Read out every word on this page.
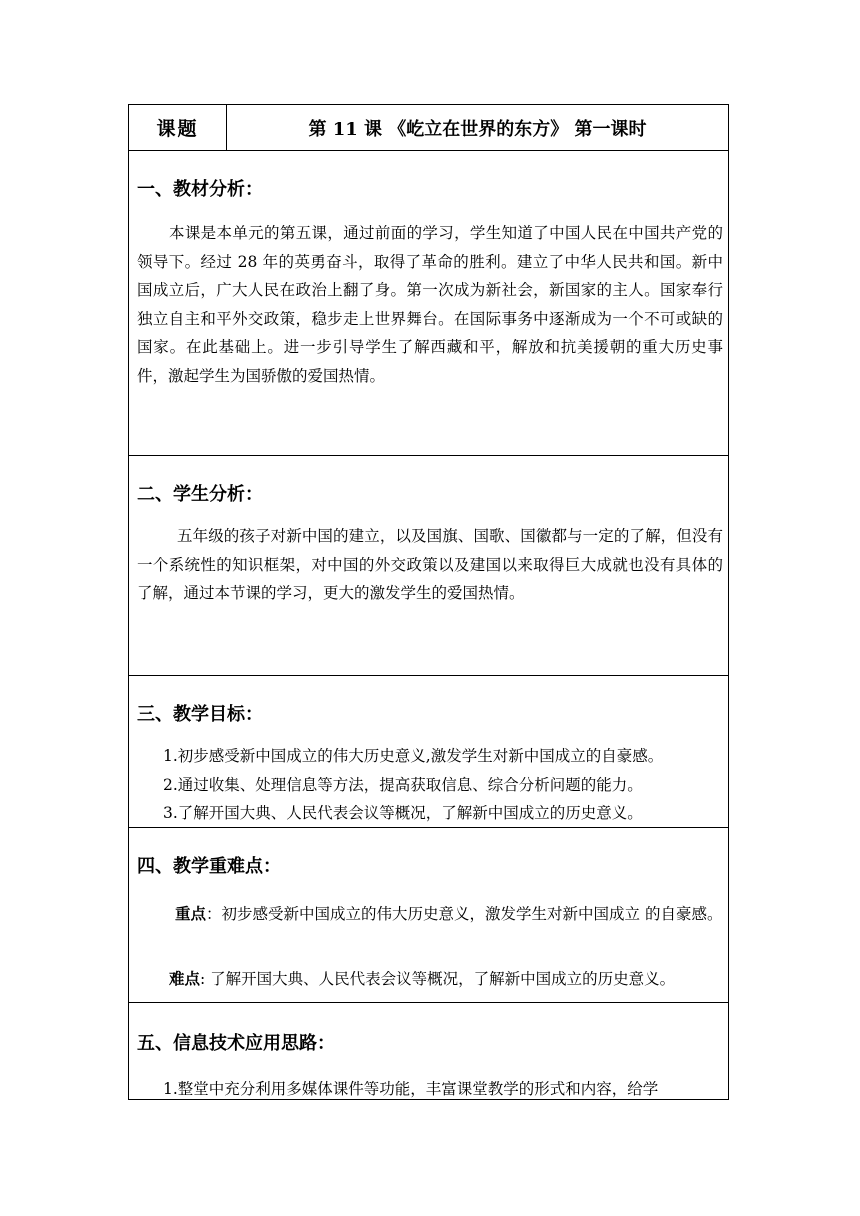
课题	第 11 课 《屹立在世界的东方》 第一课时
一、教材分析：
本课是本单元的第五课，通过前面的学习，学生知道了中国人民在中国共产党的领导下。经过 28 年的英勇奋斗，取得了革命的胜利。建立了中华人民共和国。新中国成立后，广大人民在政治上翻了身。第一次成为新社会，新国家的主人。国家奉行独立自主和平外交政策，稳步走上世界舞台。在国际事务中逐渐成为一个不可或缺的国家。在此基础上。进一步引导学生了解西藏和平，解放和抗美援朝的重大历史事件，激起学生为国骄傲的爱国热情。
二、学生分析：
五年级的孩子对新中国的建立，以及国旗、国歌、国徽都与一定的了解，但没有一个系统性的知识框架，对中国的外交政策以及建国以来取得巨大成就也没有具体的了解，通过本节课的学习，更大的激发学生的爱国热情。
三、教学目标：
1.初步感受新中国成立的伟大历史意义,激发学生对新中国成立的自豪感。
2.通过收集、处理信息等方法，提高获取信息、综合分析问题的能力。
3.了解开国大典、人民代表会议等概况，了解新中国成立的历史意义。
四、教学重难点：
重点：初步感受新中国成立的伟大历史意义，激发学生对新中国成立 的自豪感。
难点: 了解开国大典、人民代表会议等概况，了解新中国成立的历史意义。
五、信息技术应用思路：
1.整堂中充分利用多媒体课件等功能，丰富课堂教学的形式和内容，给学
